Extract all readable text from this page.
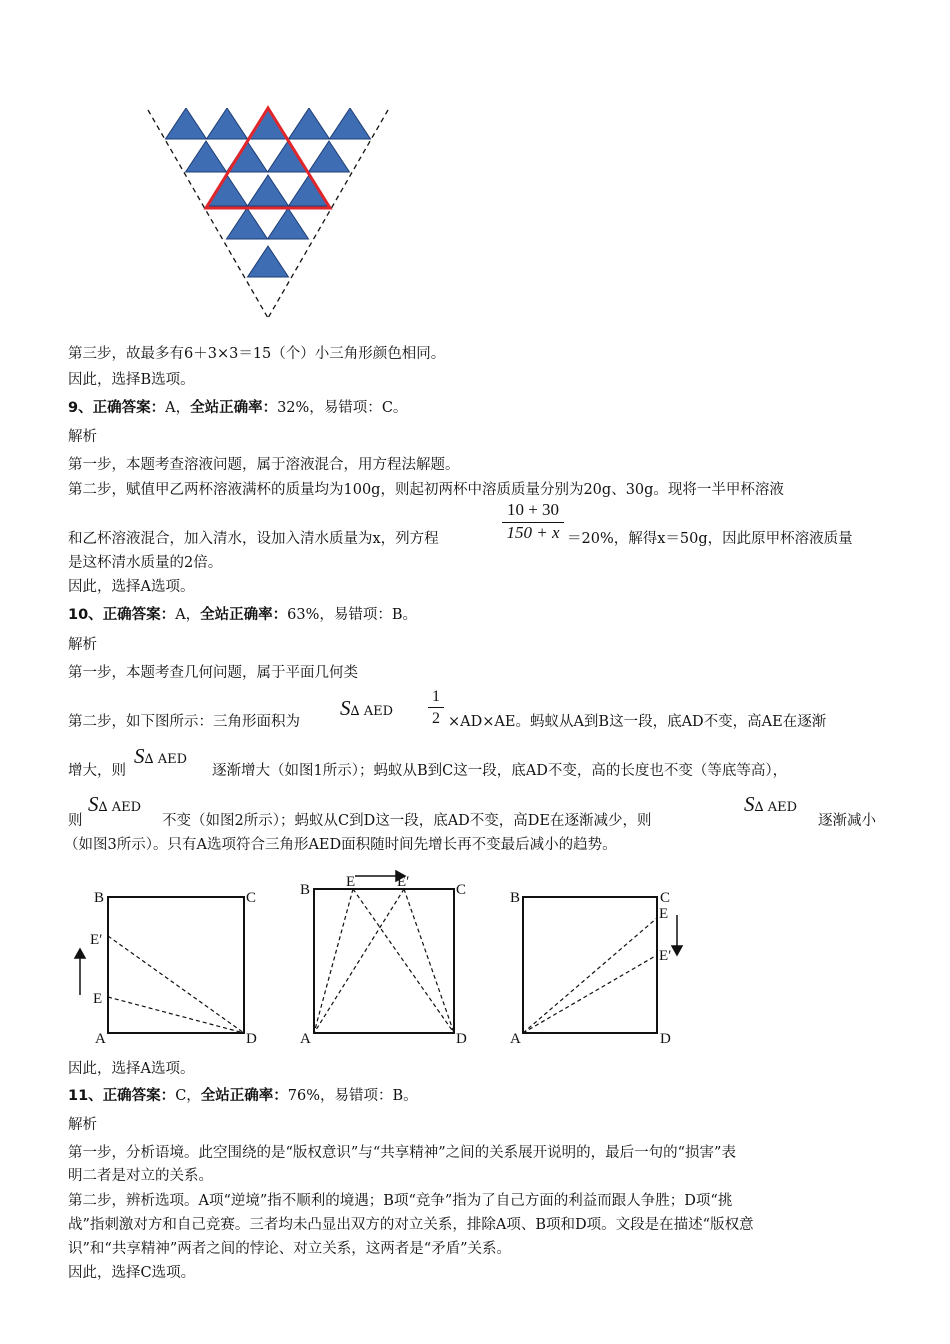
第三步，故最多有6＋3×3＝15（个）小三角形颜色相同。
因此，选择B选项。
9、正确答案：A，全站正确率：32%，易错项：C。
解析
第一步，本题考查溶液问题，属于溶液混合，用方程法解题。
第二步，赋值甲乙两杯溶液满杯的质量均为100g，则起初两杯中溶质质量分别为20g、30g。现将一半甲杯溶液
和乙杯溶液混合，加入清水，设加入清水质量为x，列方程
10 + 30
150 + x ＝20%，解得x＝50g，因此原甲杯溶液质量
是这杯清水质量的2倍。
因此，选择A选项。
10、正确答案：A，全站正确率：63%，易错项：B。
解析
第一步，本题考查几何问题，属于平面几何类
第二步，如下图所示：三角形面积为
S∆ AED
1
2 ×AD×AE。蚂蚁从A到B这一段，底AD不变，高AE在逐渐
增大，则
S∆ AED
逐渐增大（如图1所示）；蚂蚁从B到C这一段，底AD不变，高的长度也不变（等底等高），
则
S∆ AED
不变（如图2所示）；蚂蚁从C到D这一段，底AD不变，高DE在逐渐减少，则
S∆ AED
逐渐减小
（如图3所示）。只有A选项符合三角形AED面积随时间先增长再不变最后减小的趋势。
B	C
E′
E
A	D
B E	E′	C
A	D
B	C
E
E′
A	D
因此，选择A选项。
11、正确答案：C，全站正确率：76%，易错项：B。
解析
第一步，分析语境。此空围绕的是“版权意识”与“共享精神”之间的关系展开说明的，最后一句的“损害”表
明二者是对立的关系。
第二步，辨析选项。A项“逆境”指不顺利的境遇；B项“竞争”指为了自己方面的利益而跟人争胜；D项“挑
战”指刺激对方和自己竞赛。三者均未凸显出双方的对立关系，排除A项、B项和D项。文段是在描述“版权意
识”和“共享精神”两者之间的悖论、对立关系，这两者是“矛盾”关系。
因此，选择C选项。
